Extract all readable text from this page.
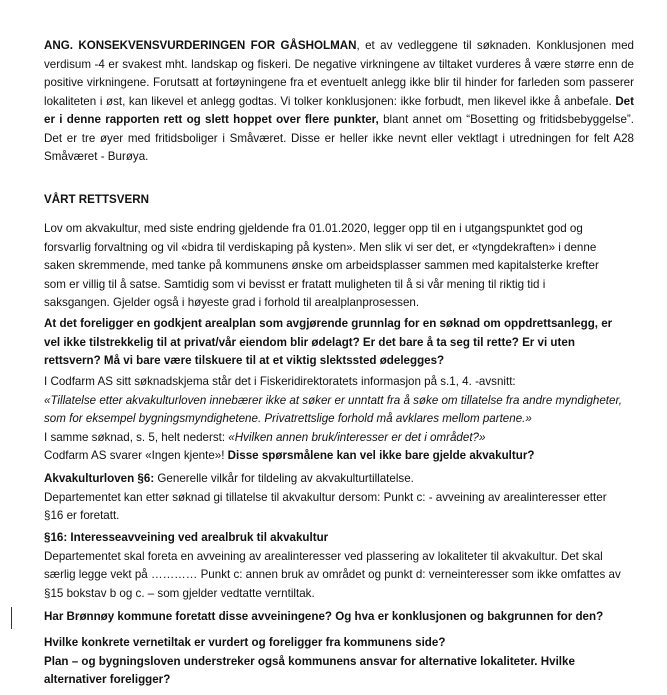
ANG. KONSEKVENSVURDERINGEN FOR GÅSHOLMAN, et av vedleggene til søknaden. Konklusjonen med verdisum -4 er svakest mht. landskap og fiskeri. De negative virkningene av tiltaket vurderes å være større enn de positive virkningene. Forutsatt at fortøyningene fra et eventuelt anlegg ikke blir til hinder for farleden som passerer lokaliteten i øst, kan likevel et anlegg godtas. Vi tolker konklusjonen: ikke forbudt, men likevel ikke å anbefale. Det er i denne rapporten rett og slett hoppet over flere punkter, blant annet om “Bosetting og fritidsbebyggelse”. Det er tre øyer med fritidsboliger i Småværet. Disse er heller ikke nevnt eller vektlagt i utredningen for felt A28 Småværet - Burøya.

VÅRT RETTSVERN

Lov om akvakultur, med siste endring gjeldende fra 01.01.2020, legger opp til en i utgangspunktet god og forsvarlig forvaltning og vil «bidra til verdiskaping på kysten». Men slik vi ser det, er «tyngdekraften» i denne saken skremmende, med tanke på kommunens ønske om arbeidsplasser sammen med kapitalsterke krefter som er villig til å satse. Samtidig som vi bevisst er fratatt muligheten til å si vår mening til riktig tid i saksgangen. Gjelder også i høyeste grad i forhold til arealplanprosessen.

At det foreligger en godkjent arealplan som avgjørende grunnlag for en søknad om oppdrettsanlegg, er vel ikke tilstrekkelig til at privat/vår eiendom blir ødelagt? Er det bare å ta seg til rette? Er vi uten rettsvern? Må vi bare være tilskuere til at et viktig slektssted ødelegges?

I Codfarm AS sitt søknadskjema står det i Fiskeridirektoratets informasjon på s.1, 4. -avsnitt:

«Tillatelse etter akvakulturloven innebærer ikke at søker er unntatt fra å søke om tillatelse fra andre myndigheter, som for eksempel bygningsmyndighetene. Privatrettslige forhold må avklares mellom partene.»

I samme søknad, s. 5, helt nederst: «Hvilken annen bruk/interesser er det i området?»

Codfarm AS svarer «Ingen kjente»! Disse spørsmålene kan vel ikke bare gjelde akvakultur?

Akvakulturloven §6: Generelle vilkår for tildeling av akvakulturtillatelse.

Departementet kan etter søknad gi tillatelse til akvakultur dersom: Punkt c: - avveining av arealinteresser etter §16 er foretatt.

§16: Interesseavveining ved arealbruk til akvakultur

Departementet skal foreta en avveining av arealinteresser ved plassering av lokaliteter til akvakultur. Det skal særlig legge vekt på ………… Punkt c: annen bruk av området og punkt d: verneinteresser som ikke omfattes av §15 bokstav b og c. – som gjelder vedtatte verntiltak.

Har Brønnøy kommune foretatt disse avveiningene? Og hva er konklusjonen og bakgrunnen for den?

Hvilke konkrete vernetiltak er vurdert og foreligger fra kommunens side?

Plan – og bygningsloven understreker også kommunens ansvar for alternative lokaliteter. Hvilke alternativer foreligger?
